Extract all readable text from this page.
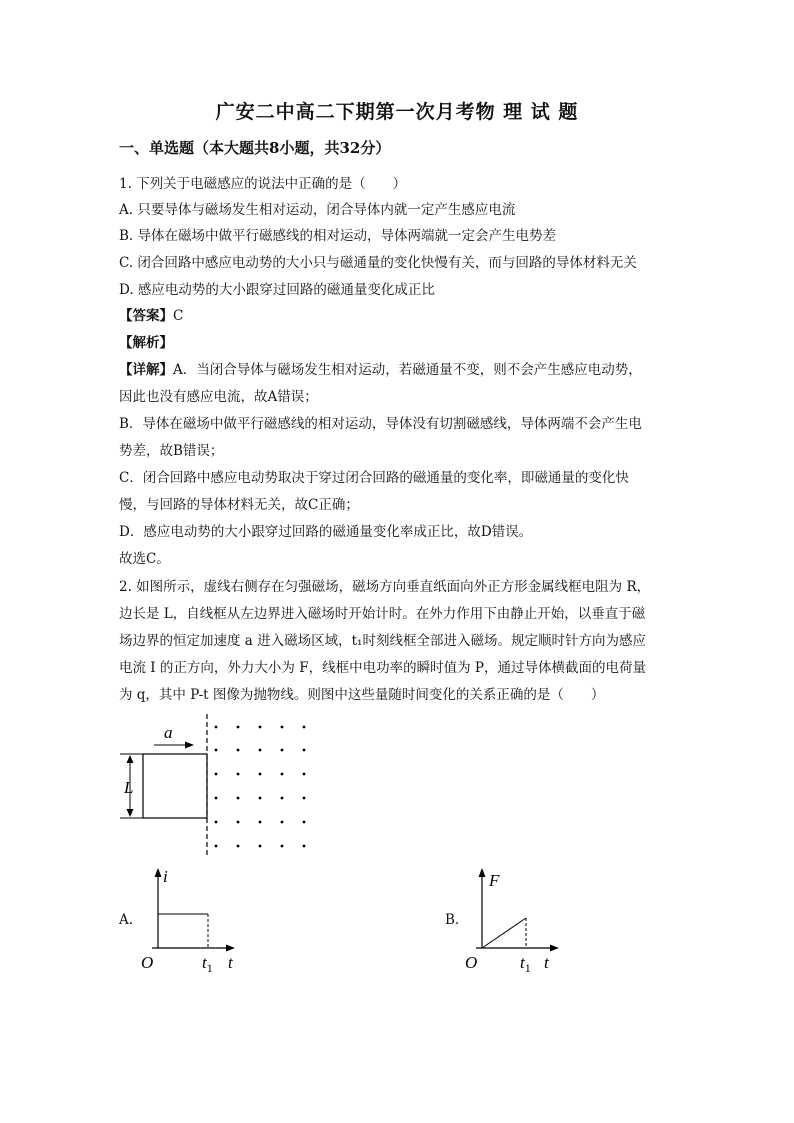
广安二中高二下期第一次月考物 理 试 题
一、单选题（本大题共8小题，共32分）
1. 下列关于电磁感应的说法中正确的是（　　）
A. 只要导体与磁场发生相对运动，闭合导体内就一定产生感应电流
B. 导体在磁场中做平行磁感线的相对运动，导体两端就一定会产生电势差
C. 闭合回路中感应电动势的大小只与磁通量的变化快慢有关，而与回路的导体材料无关
D. 感应电动势的大小跟穿过回路的磁通量变化成正比
【答案】C
【解析】
【详解】A．当闭合导体与磁场发生相对运动，若磁通量不变，则不会产生感应电动势，
因此也没有感应电流，故A错误；
B．导体在磁场中做平行磁感线的相对运动，导体没有切割磁感线，导体两端不会产生电
势差，故B错误；
C．闭合回路中感应电动势取决于穿过闭合回路的磁通量的变化率，即磁通量的变化快
慢，与回路的导体材料无关，故C正确；
D．感应电动势的大小跟穿过回路的磁通量变化率成正比，故D错误。
故选C。
2. 如图所示，虚线右侧存在匀强磁场，磁场方向垂直纸面向外正方形金属线框电阻为 R，
边长是 L，自线框从左边界进入磁场时开始计时。在外力作用下由静止开始，以垂直于磁
场边界的恒定加速度 a 进入磁场区域，t₁时刻线框全部进入磁场。规定顺时针方向为感应
电流 I 的正方向，外力大小为 F，线框中电功率的瞬时值为 P，通过导体横截面的电荷量
为 q，其中 P-t 图像为抛物线。则图中这些量随时间变化的关系正确的是（　　）
L
a
A.
i
O	$t_1$ t
B.
F
O	$t_1$ t
